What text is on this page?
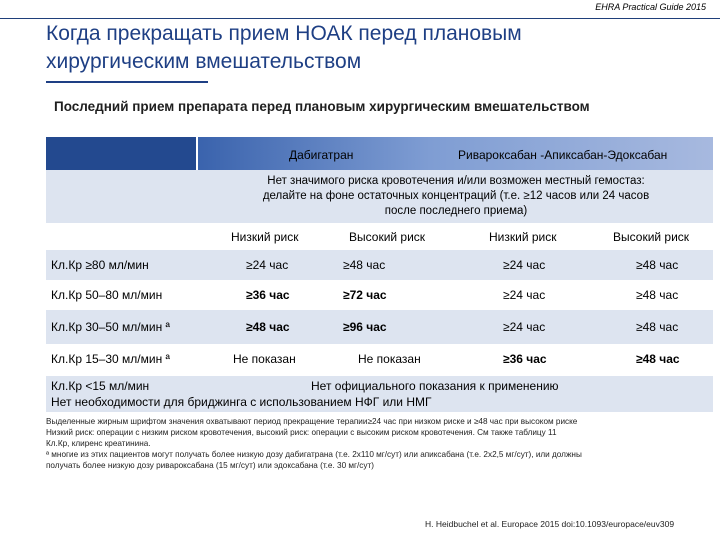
EHRA Practical Guide 2015
Когда прекращать прием НОАК перед плановым
хирургическим вмешательством
Последний прием препарата перед плановым хирургическим вмешательством
Дабигатран	Ривароксабан -Апиксабан-Эдоксабан
Нет значимого риска кровотечения и/или возможен местный гемостаз:
делайте на фоне остаточных концентраций (т.е. ≥12 часов или 24 часов
после последнего приема)
Низкий риск	Высокий риск	Низкий риск	Высокий риск
Кл.Кр ≥80 мл/мин	≥24 час	≥48 час	≥24 час	≥48 час
Кл.Кр 50–80 мл/мин	≥36 час	≥72 час	≥24 час	≥48 час
Кл.Кр 30–50 мл/мин ª	≥48 час	≥96 час	≥24 час	≥48 час
Кл.Кр 15–30 мл/мин ª	Не показан	Не показан	≥36 час	≥48 час
Кл.Кр <15 мл/мин	Нет официального показания к применению
Нет необходимости для бриджинга с использованием НФГ или НМГ
Выделенные жирным шрифтом значения охватывают период прекращение терапии≥24 час при низком риске и ≥48 час при высоком риске
Низкий риск: операции с низким риском кровотечения, высокий риск: операции с высоким риском кровотечения. См также таблицу 11
Кл.Кр, клиренс креатинина.
ª многие из этих пациентов могут получать более низкую дозу дабигатрана (т.е. 2x110 мг/сут) или апиксабана (т.е. 2x2,5 мг/сут), или должны
получать более низкую дозу ривароксабана (15 мг/сут) или эдоксабана (т.е. 30 мг/сут)
H. Heidbuchel et al. Europace 2015 doi:10.1093/europace/euv309
